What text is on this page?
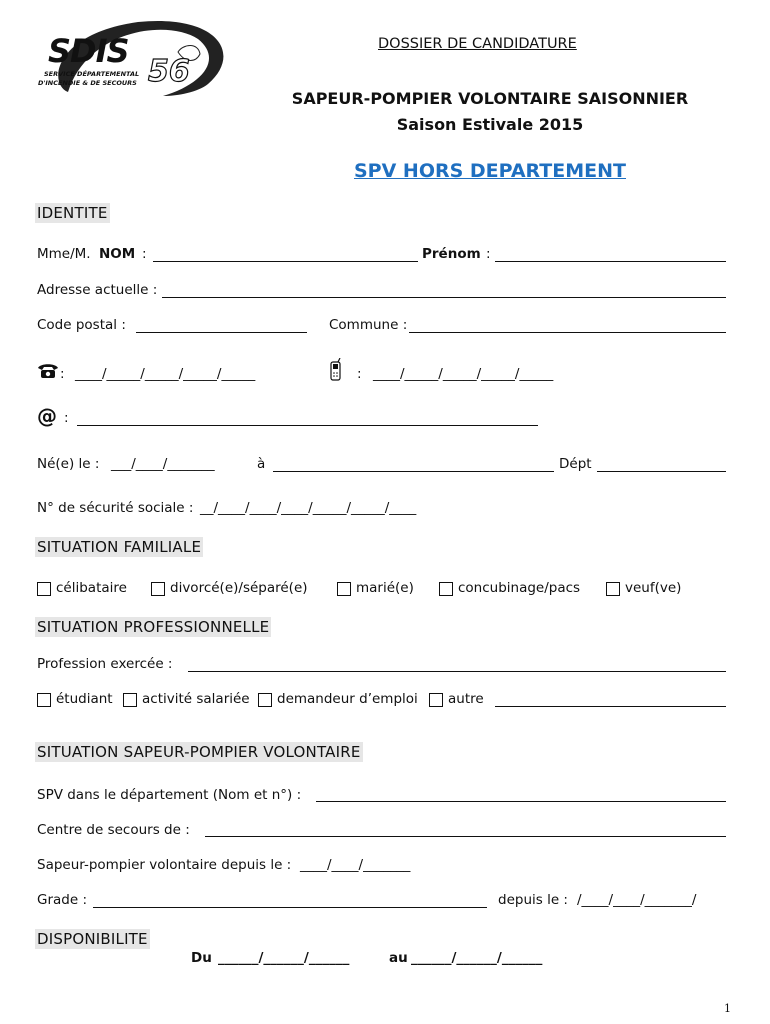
SDIS
56
SERVICE DÉPARTEMENTAL
D'INCENDIE & DE SECOURS
DOSSIER DE CANDIDATURE
SAPEUR-POMPIER VOLONTAIRE SAISONNIER
Saison Estivale 2015
SPV HORS DEPARTEMENT
IDENTITE
Mme/M. NOM :	Prénom :
Adresse actuelle :
Code postal :	Commune :
: ____/_____/_____/_____/_____	: ____/_____/_____/_____/_____
@ :
Né(e) le : ___/____/_______	à	Dépt
N° de sécurité sociale : __/____/____/____/_____/_____/____
SITUATION FAMILIALE
célibataire	divorcé(e)/séparé(e)	marié(e)	concubinage/pacs	veuf(ve)
SITUATION PROFESSIONNELLE
Profession exercée :
étudiant activité salariée demandeur d’emploi autre
SITUATION SAPEUR-POMPIER VOLONTAIRE
SPV dans le département (Nom et n°) :
Centre de secours de :
Sapeur-pompier volontaire depuis le : ____/____/_______
Grade :	depuis le : /____/____/_______/
DISPONIBILITE
Du ______/______/______	au ______/______/______
1
